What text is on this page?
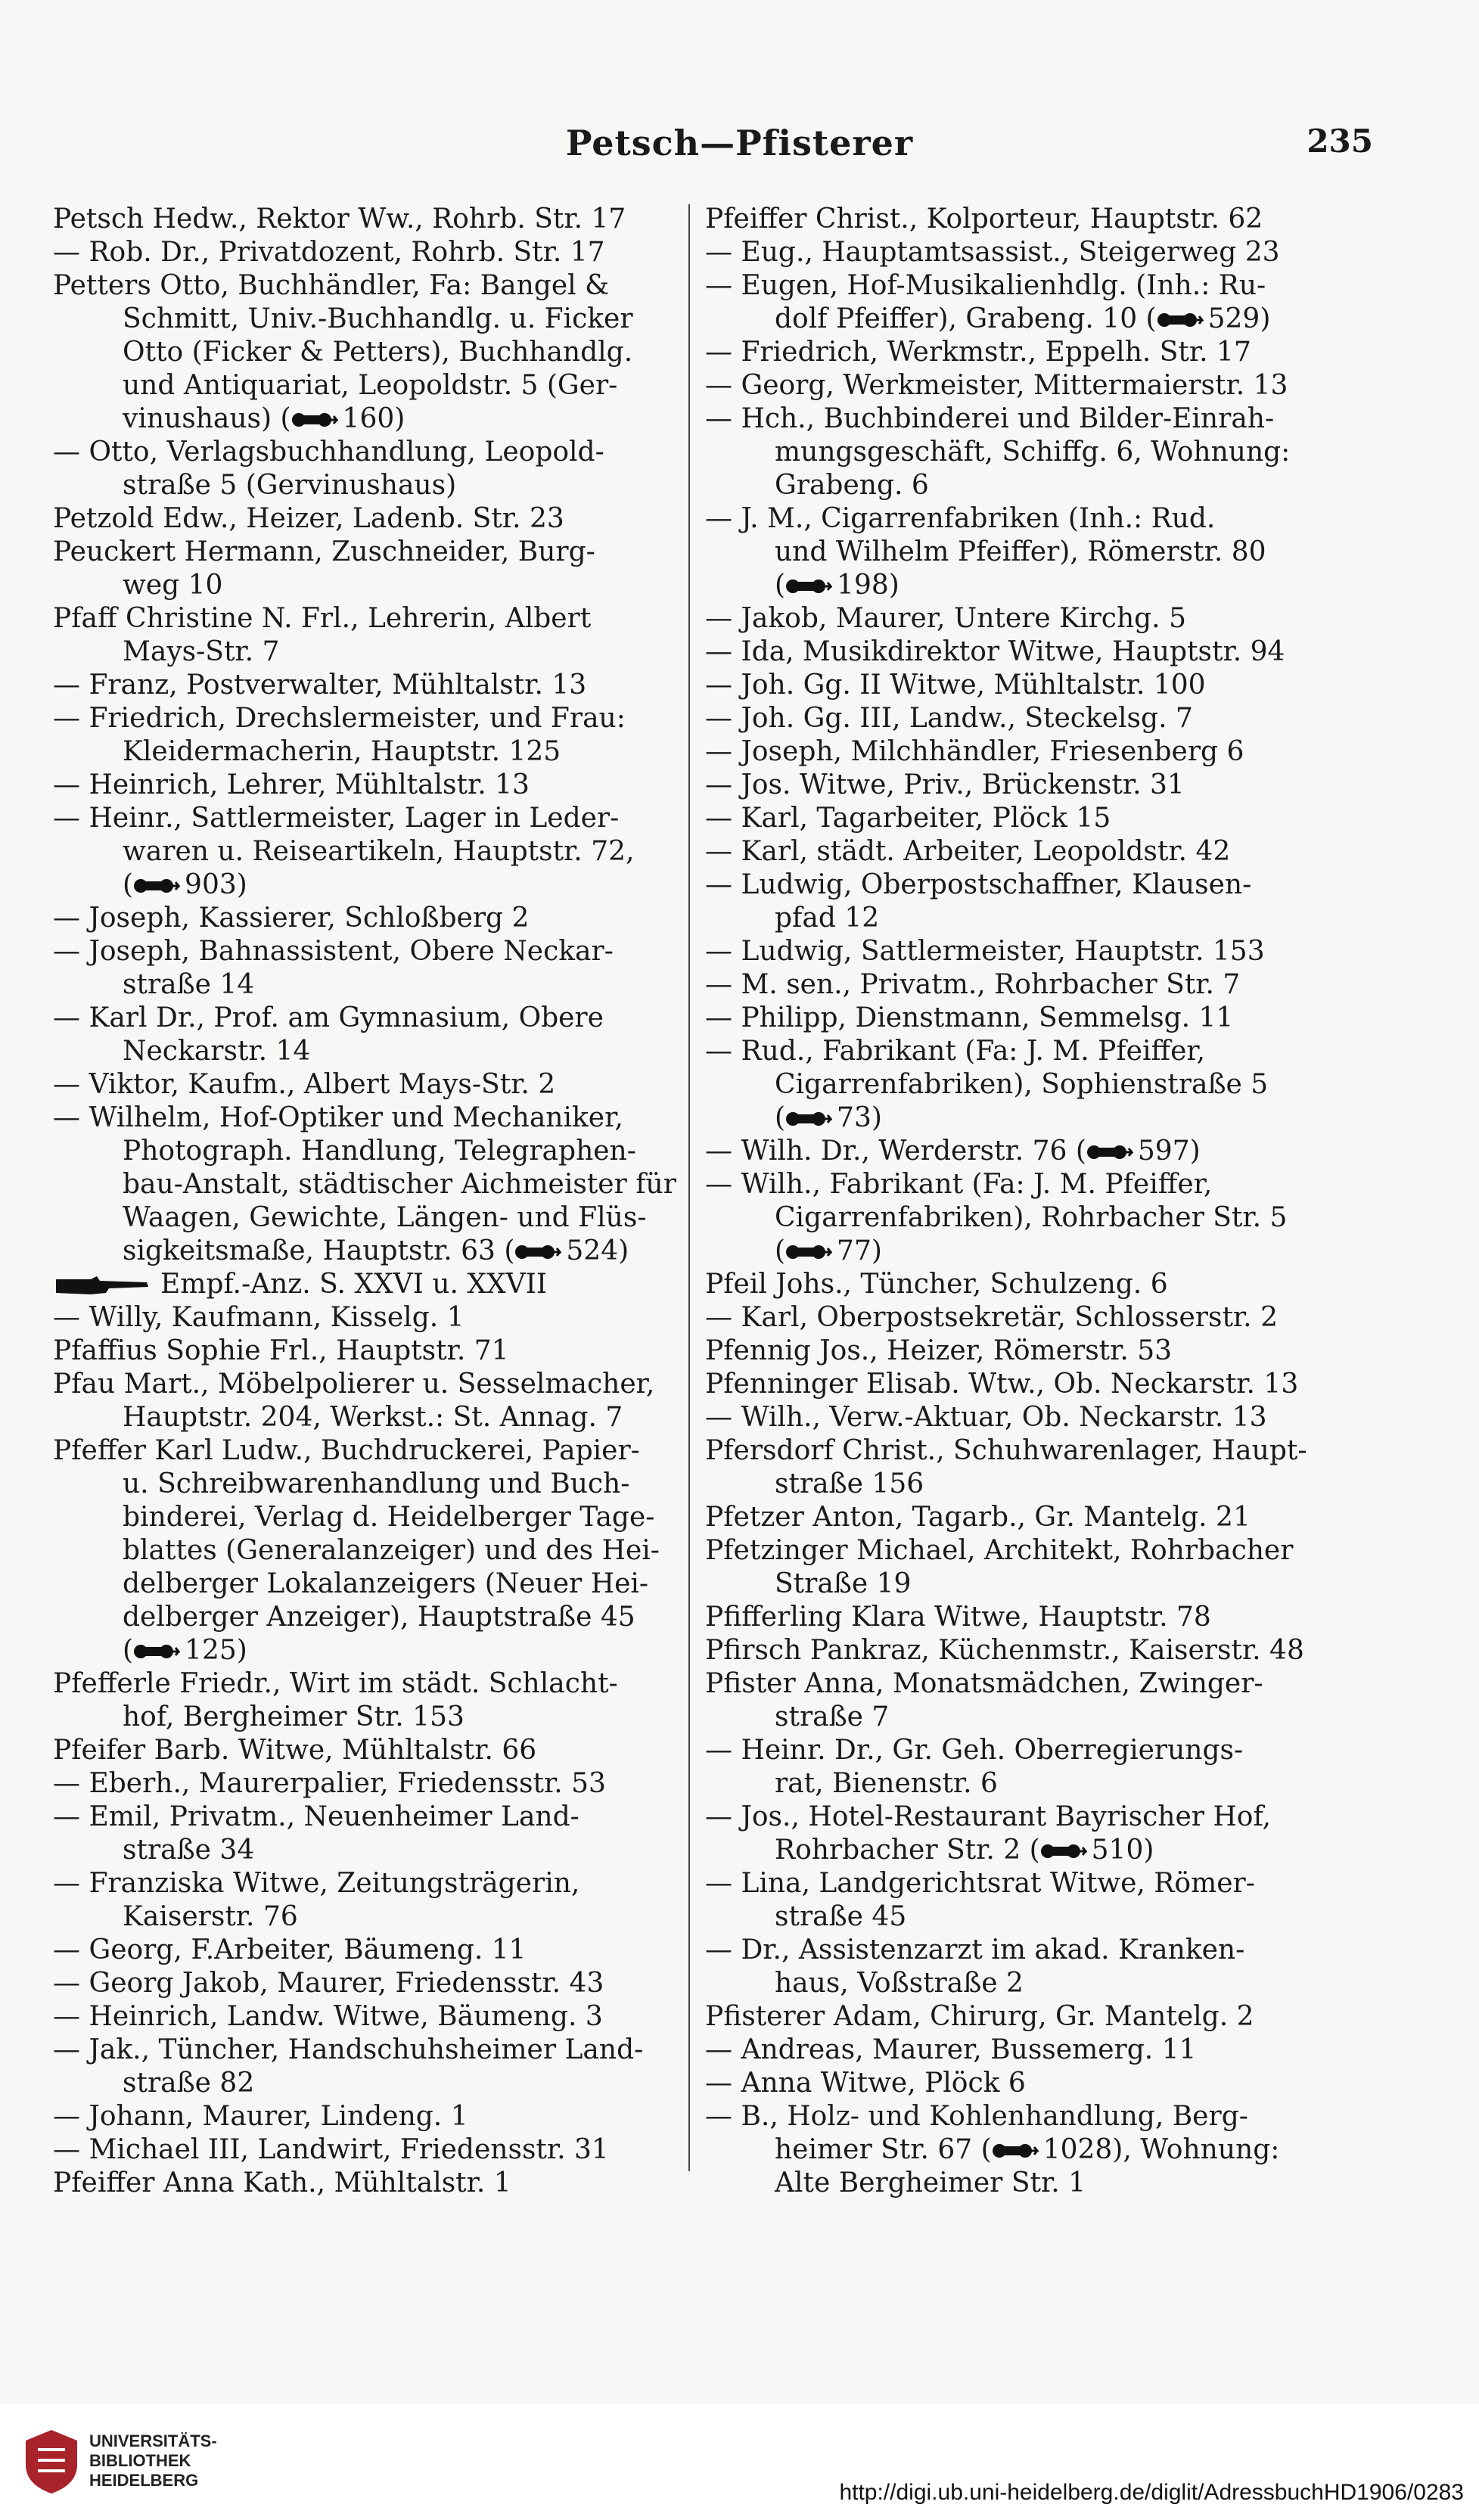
Petsch—Pfisterer	235
Petsch Hedw., Rektor Ww., Rohrb. Str. 17
— Rob. Dr., Privatdozent, Rohrb. Str. 17
Petters Otto, Buchhändler, Fa: Bangel &
Schmitt, Univ.-Buchhandlg. u. Ficker
Otto (Ficker & Petters), Buchhandlg.
und Antiquariat, Leopoldstr. 5 (Ger-
vinushaus) ( 160)
— Otto, Verlagsbuchhandlung, Leopold-
straße 5 (Gervinushaus)
Petzold Edw., Heizer, Ladenb. Str. 23
Peuckert Hermann, Zuschneider, Burg-
weg 10
Pfaff Christine N. Frl., Lehrerin, Albert
Mays-Str. 7
— Franz, Postverwalter, Mühltalstr. 13
— Friedrich, Drechslermeister, und Frau:
Kleidermacherin, Hauptstr. 125
— Heinrich, Lehrer, Mühltalstr. 13
— Heinr., Sattlermeister, Lager in Leder-
waren u. Reiseartikeln, Hauptstr. 72,
( 903)
— Joseph, Kassierer, Schloßberg 2
— Joseph, Bahnassistent, Obere Neckar-
straße 14
— Karl Dr., Prof. am Gymnasium, Obere
Neckarstr. 14
— Viktor, Kaufm., Albert Mays-Str. 2
— Wilhelm, Hof-Optiker und Mechaniker,
Photograph. Handlung, Telegraphen-
bau-Anstalt, städtischer Aichmeister für
Waagen, Gewichte, Längen- und Flüs-
sigkeitsmaße, Hauptstr. 63 ( 524)
Empf.-Anz. S. XXVI u. XXVII
— Willy, Kaufmann, Kisselg. 1
Pfaffius Sophie Frl., Hauptstr. 71
Pfau Mart., Möbelpolierer u. Sesselmacher,
Hauptstr. 204, Werkst.: St. Annag. 7
Pfeffer Karl Ludw., Buchdruckerei, Papier-
u. Schreibwarenhandlung und Buch-
binderei, Verlag d. Heidelberger Tage-
blattes (Generalanzeiger) und des Hei-
delberger Lokalanzeigers (Neuer Hei-
delberger Anzeiger), Hauptstraße 45
( 125)
Pfefferle Friedr., Wirt im städt. Schlacht-
hof, Bergheimer Str. 153
Pfeifer Barb. Witwe, Mühltalstr. 66
— Eberh., Maurerpalier, Friedensstr. 53
— Emil, Privatm., Neuenheimer Land-
straße 34
— Franziska Witwe, Zeitungsträgerin,
Kaiserstr. 76
— Georg, F.Arbeiter, Bäumeng. 11
— Georg Jakob, Maurer, Friedensstr. 43
— Heinrich, Landw. Witwe, Bäumeng. 3
— Jak., Tüncher, Handschuhsheimer Land-
straße 82
— Johann, Maurer, Lindeng. 1
— Michael III, Landwirt, Friedensstr. 31
Pfeiffer Anna Kath., Mühltalstr. 1
Pfeiffer Christ., Kolporteur, Hauptstr. 62
— Eug., Hauptamtsassist., Steigerweg 23
— Eugen, Hof-Musikalienhdlg. (Inh.: Ru-
dolf Pfeiffer), Grabeng. 10 ( 529)
— Friedrich, Werkmstr., Eppelh. Str. 17
— Georg, Werkmeister, Mittermaierstr. 13
— Hch., Buchbinderei und Bilder-Einrah-
mungsgeschäft, Schiffg. 6, Wohnung:
Grabeng. 6
— J. M., Cigarrenfabriken (Inh.: Rud.
und Wilhelm Pfeiffer), Römerstr. 80
( 198)
— Jakob, Maurer, Untere Kirchg. 5
— Ida, Musikdirektor Witwe, Hauptstr. 94
— Joh. Gg. II Witwe, Mühltalstr. 100
— Joh. Gg. III, Landw., Steckelsg. 7
— Joseph, Milchhändler, Friesenberg 6
— Jos. Witwe, Priv., Brückenstr. 31
— Karl, Tagarbeiter, Plöck 15
— Karl, städt. Arbeiter, Leopoldstr. 42
— Ludwig, Oberpostschaffner, Klausen-
pfad 12
— Ludwig, Sattlermeister, Hauptstr. 153
— M. sen., Privatm., Rohrbacher Str. 7
— Philipp, Dienstmann, Semmelsg. 11
— Rud., Fabrikant (Fa: J. M. Pfeiffer,
Cigarrenfabriken), Sophienstraße 5
( 73)
— Wilh. Dr., Werderstr. 76 ( 597)
— Wilh., Fabrikant (Fa: J. M. Pfeiffer,
Cigarrenfabriken), Rohrbacher Str. 5
( 77)
Pfeil Johs., Tüncher, Schulzeng. 6
— Karl, Oberpostsekretär, Schlosserstr. 2
Pfennig Jos., Heizer, Römerstr. 53
Pfenninger Elisab. Wtw., Ob. Neckarstr. 13
— Wilh., Verw.-Aktuar, Ob. Neckarstr. 13
Pfersdorf Christ., Schuhwarenlager, Haupt-
straße 156
Pfetzer Anton, Tagarb., Gr. Mantelg. 21
Pfetzinger Michael, Architekt, Rohrbacher
Straße 19
Pfifferling Klara Witwe, Hauptstr. 78
Pfirsch Pankraz, Küchenmstr., Kaiserstr. 48
Pfister Anna, Monatsmädchen, Zwinger-
straße 7
— Heinr. Dr., Gr. Geh. Oberregierungs-
rat, Bienenstr. 6
— Jos., Hotel-Restaurant Bayrischer Hof,
Rohrbacher Str. 2 ( 510)
— Lina, Landgerichtsrat Witwe, Römer-
straße 45
— Dr., Assistenzarzt im akad. Kranken-
haus, Voßstraße 2
Pfisterer Adam, Chirurg, Gr. Mantelg. 2
— Andreas, Maurer, Bussemerg. 11
— Anna Witwe, Plöck 6
— B., Holz- und Kohlenhandlung, Berg-
heimer Str. 67 ( 1028), Wohnung:
Alte Bergheimer Str. 1
UNIVERSITÄTS-
BIBLIOTHEK
HEIDELBERG	http://digi.ub.uni-heidelberg.de/diglit/AdressbuchHD1906/0283
